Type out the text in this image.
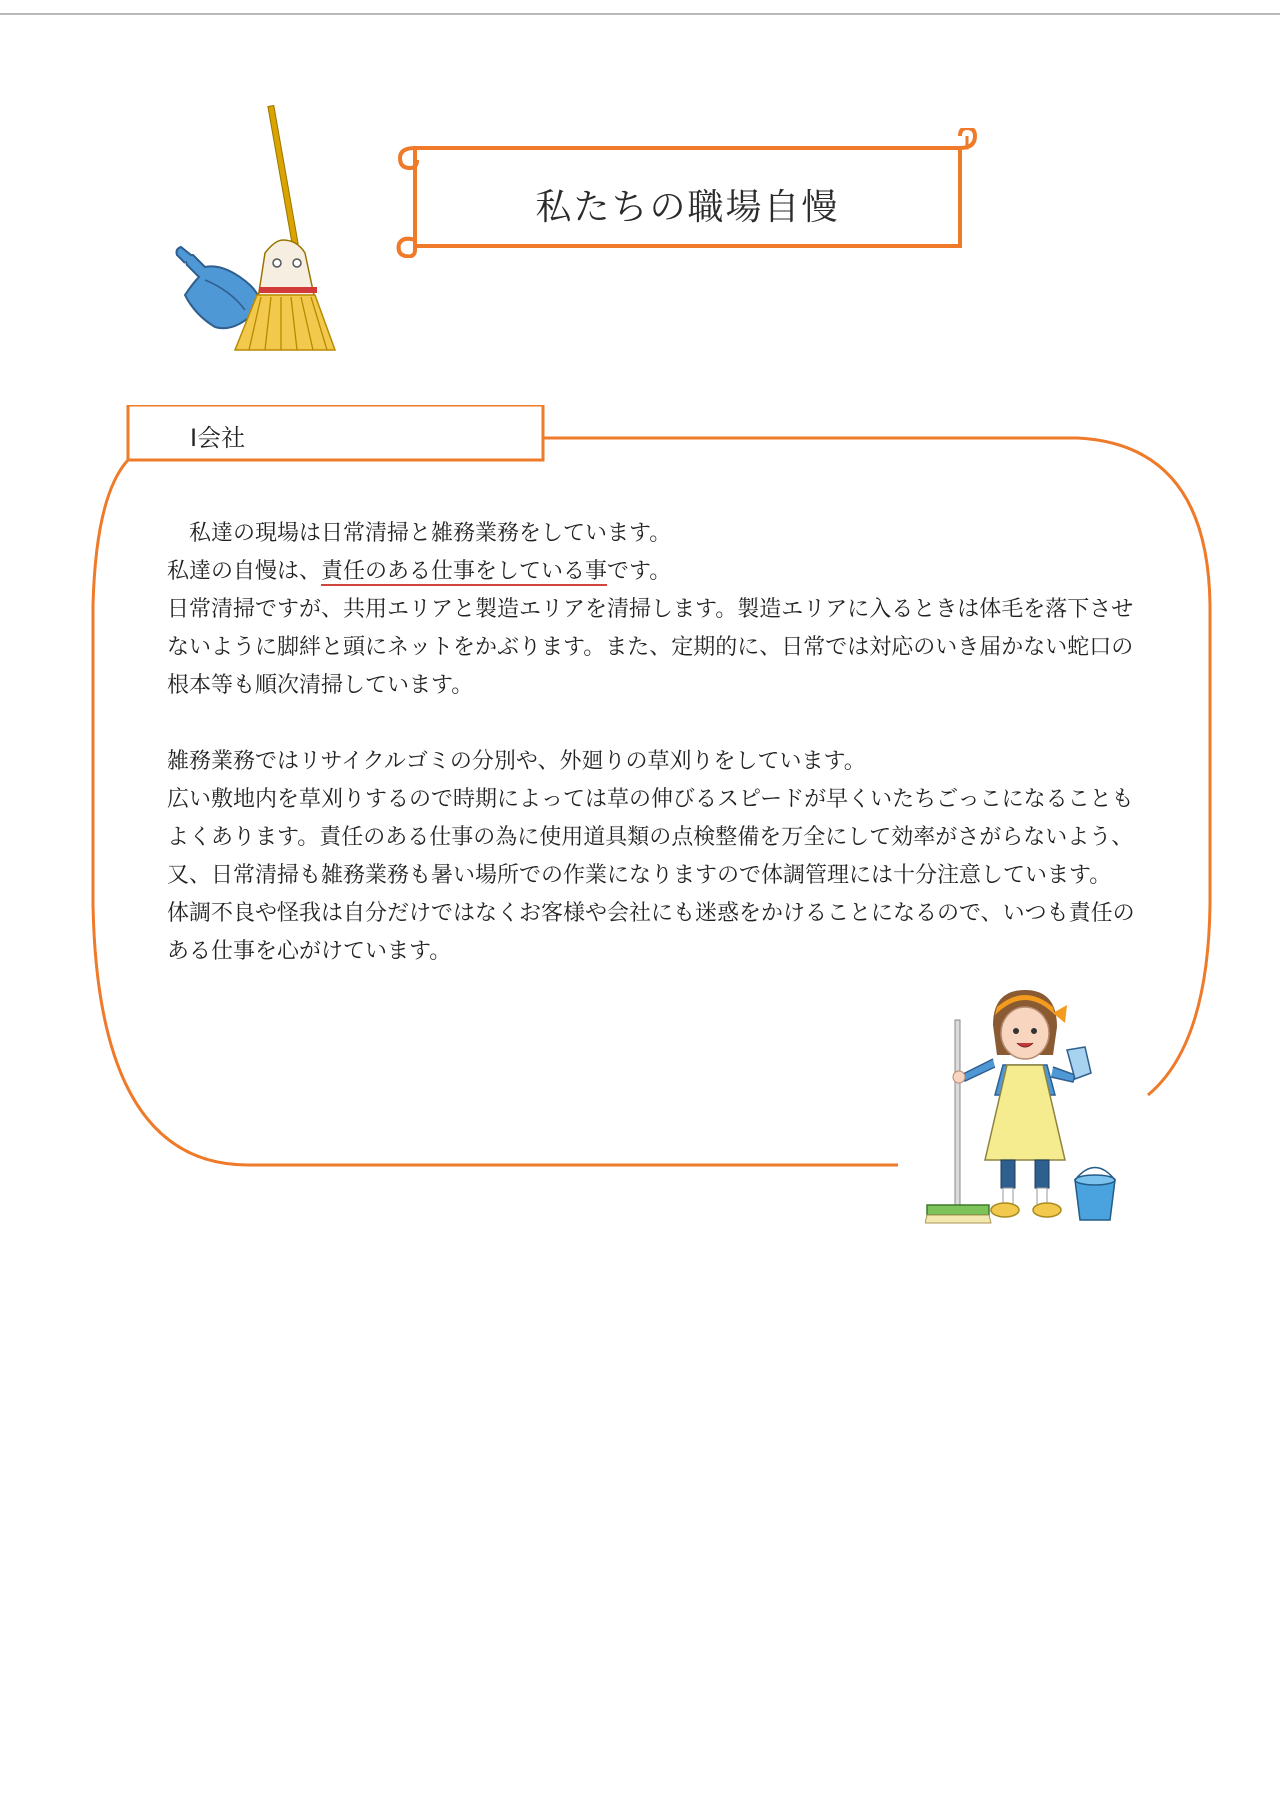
私たちの職場自慢
Ⅰ会社

　私達の現場は日常清掃と雑務業務をしています。

私達の自慢は、責任のある仕事をしている事です。

日常清掃ですが、共用エリアと製造エリアを清掃します。製造エリアに入るときは体毛を落下させないように脚絆と頭にネットをかぶります。また、定期的に、日常では対応のいき届かない蛇口の根本等も順次清掃しています。

雑務業務ではリサイクルゴミの分別や、外廻りの草刈りをしています。

広い敷地内を草刈りするので時期によっては草の伸びるスピードが早くいたちごっこになることもよくあります。責任のある仕事の為に使用道具類の点検整備を万全にして効率がさがらないよう、又、日常清掃も雑務業務も暑い場所での作業になりますので体調管理には十分注意しています。

体調不良や怪我は自分だけではなくお客様や会社にも迷惑をかけることになるので、いつも責任のある仕事を心がけています。
